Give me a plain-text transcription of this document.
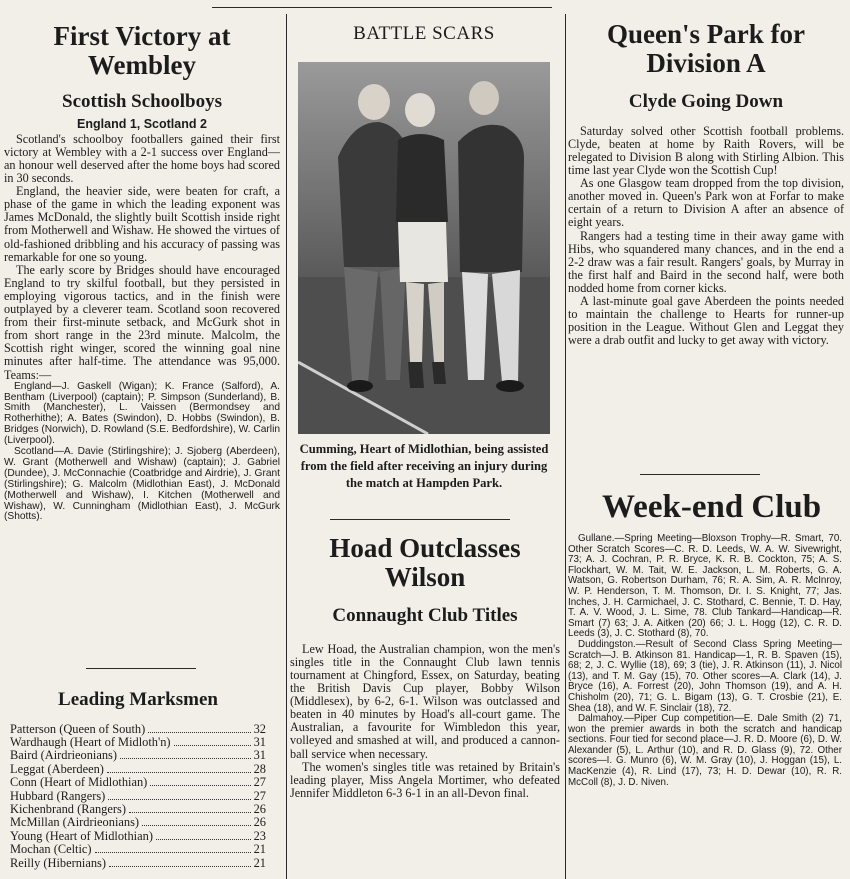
First Victory at
Wembley
Scottish Schoolboys
England 1, Scotland 2

Scotland's schoolboy footballers gained their first victory at Wembley with a 2-1 success over England—an honour well deserved after the home boys had scored in 30 seconds.

England, the heavier side, were beaten for craft, a phase of the game in which the leading exponent was James McDonald, the slightly built Scottish inside right from Motherwell and Wishaw. He showed the virtues of old-fashioned dribbling and his accuracy of passing was remarkable for one so young.

The early score by Bridges should have encouraged England to try skilful football, but they persisted in employing vigorous tactics, and in the finish were outplayed by a cleverer team. Scotland soon recovered from their first-minute setback, and McGurk shot in from short range in the 23rd minute. Malcolm, the Scottish right winger, scored the winning goal nine minutes after half-time. The attendance was 95,000. Teams:—

England—J. Gaskell (Wigan); K. France (Salford), A. Bentham (Liverpool) (captain); P. Simpson (Sunderland), B. Smith (Manchester), L. Vaissen (Bermondsey and Rotherhithe); A. Bates (Swindon), D. Hobbs (Swindon), B. Bridges (Norwich), D. Rowland (S.E. Bedfordshire), W. Carlin (Liverpool).

Scotland—A. Davie (Stirlingshire); J. Sjoberg (Aberdeen), W. Grant (Motherwell and Wishaw) (captain); J. Gabriel (Dundee), J. McConnachie (Coatbridge and Airdrie), J. Grant (Stirlingshire); G. Malcolm (Midlothian East), J. McDonald (Motherwell and Wishaw), I. Kitchen (Motherwell and Wishaw), W. Cunningham (Midlothian East), J. McGurk (Shotts).

Leading Marksmen
Patterson (Queen of South)	32
Wardhaugh (Heart of Midloth'n)	31
Baird (Airdrieonians)	31
Leggat (Aberdeen)	28
Conn (Heart of Midlothian)	27
Hubbard (Rangers)	27
Kichenbrand (Rangers)	26
McMillan (Airdrieonians)	26
Young (Heart of Midlothian)	23
Mochan (Celtic)	21
Reilly (Hibernians)	21
BATTLE SCARS
Cumming, Heart of Midlothian, being assisted from the field after receiving an injury during the match at Hampden Park.
Hoad Outclasses
Wilson
Connaught Club Titles

Lew Hoad, the Australian champion, won the men's singles title in the Connaught Club lawn tennis tournament at Chingford, Essex, on Saturday, beating the British Davis Cup player, Bobby Wilson (Middlesex), by 6-2, 6-1. Wilson was outclassed and beaten in 40 minutes by Hoad's all-court game. The Australian, a favourite for Wimbledon this year, volleyed and smashed at will, and produced a cannon-ball service when necessary.

The women's singles title was retained by Britain's leading player, Miss Angela Mortimer, who defeated Jennifer Middleton 6-3 6-1 in an all-Devon final.

Queen's Park for
Division A
Clyde Going Down

Saturday solved other Scottish football problems. Clyde, beaten at home by Raith Rovers, will be relegated to Division B along with Stirling Albion. This time last year Clyde won the Scottish Cup!

As one Glasgow team dropped from the top division, another moved in. Queen's Park won at Forfar to make certain of a return to Division A after an absence of eight years.

Rangers had a testing time in their away game with Hibs, who squandered many chances, and in the end a 2-2 draw was a fair result. Rangers' goals, by Murray in the first half and Baird in the second half, were both nodded home from corner kicks.

A last-minute goal gave Aberdeen the points needed to maintain the challenge to Hearts for runner-up position in the League. Without Glen and Leggat they were a drab outfit and lucky to get away with victory.

Week-end Club

Gullane.—Spring Meeting—Bloxson Trophy—R. Smart, 70. Other Scratch Scores—C. R. D. Leeds, W. A. W. Sivewright, 73; A. J. Cochran, P. R. Bryce, K. R. B. Cockton, 75; A. S. Flockhart, W. M. Tait, W. E. Jackson, L. M. Roberts, G. A. Watson, G. Robertson Durham, 76; R. A. Sim, A. R. McInroy, W. P. Henderson, T. M. Thomson, Dr. I. S. Knight, 77; Jas. Inches, J. H. Carmichael, J. C. Stothard, C. Bennie, T. D. Hay, T. A. V. Wood, J. L. Sime, 78. Club Tankard—Handicap—R. Smart (7) 63; J. A. Aitken (20) 66; J. L. Hogg (12), C. R. D. Leeds (3), J. C. Stothard (8), 70.

Duddingston.—Result of Second Class Spring Meeting—Scratch—J. B. Atkinson 81. Handicap—1, R. B. Spaven (15), 68; 2, J. C. Wyllie (18), 69; 3 (tie), J. R. Atkinson (11), J. Nicol (13), and T. M. Gay (15), 70. Other scores—A. Clark (14), J. Bryce (16), A. Forrest (20), John Thomson (19), and A. H. Chisholm (20), 71; G. L. Bigam (13), G. T. Crosbie (21), E. Shea (18), and W. F. Sinclair (18), 72.

Dalmahoy.—Piper Cup competition—E. Dale Smith (2) 71, won the premier awards in both the scratch and handicap sections. Four tied for second place—J. R. D. Moore (6), D. W. Alexander (5), L. Arthur (10), and R. D. Glass (9), 72. Other scores—I. G. Munro (6), W. M. Gray (10), J. Hoggan (15), L. MacKenzie (4), R. Lind (17), 73; H. D. Dewar (10), R. R. McColl (8), J. D. Niven.
